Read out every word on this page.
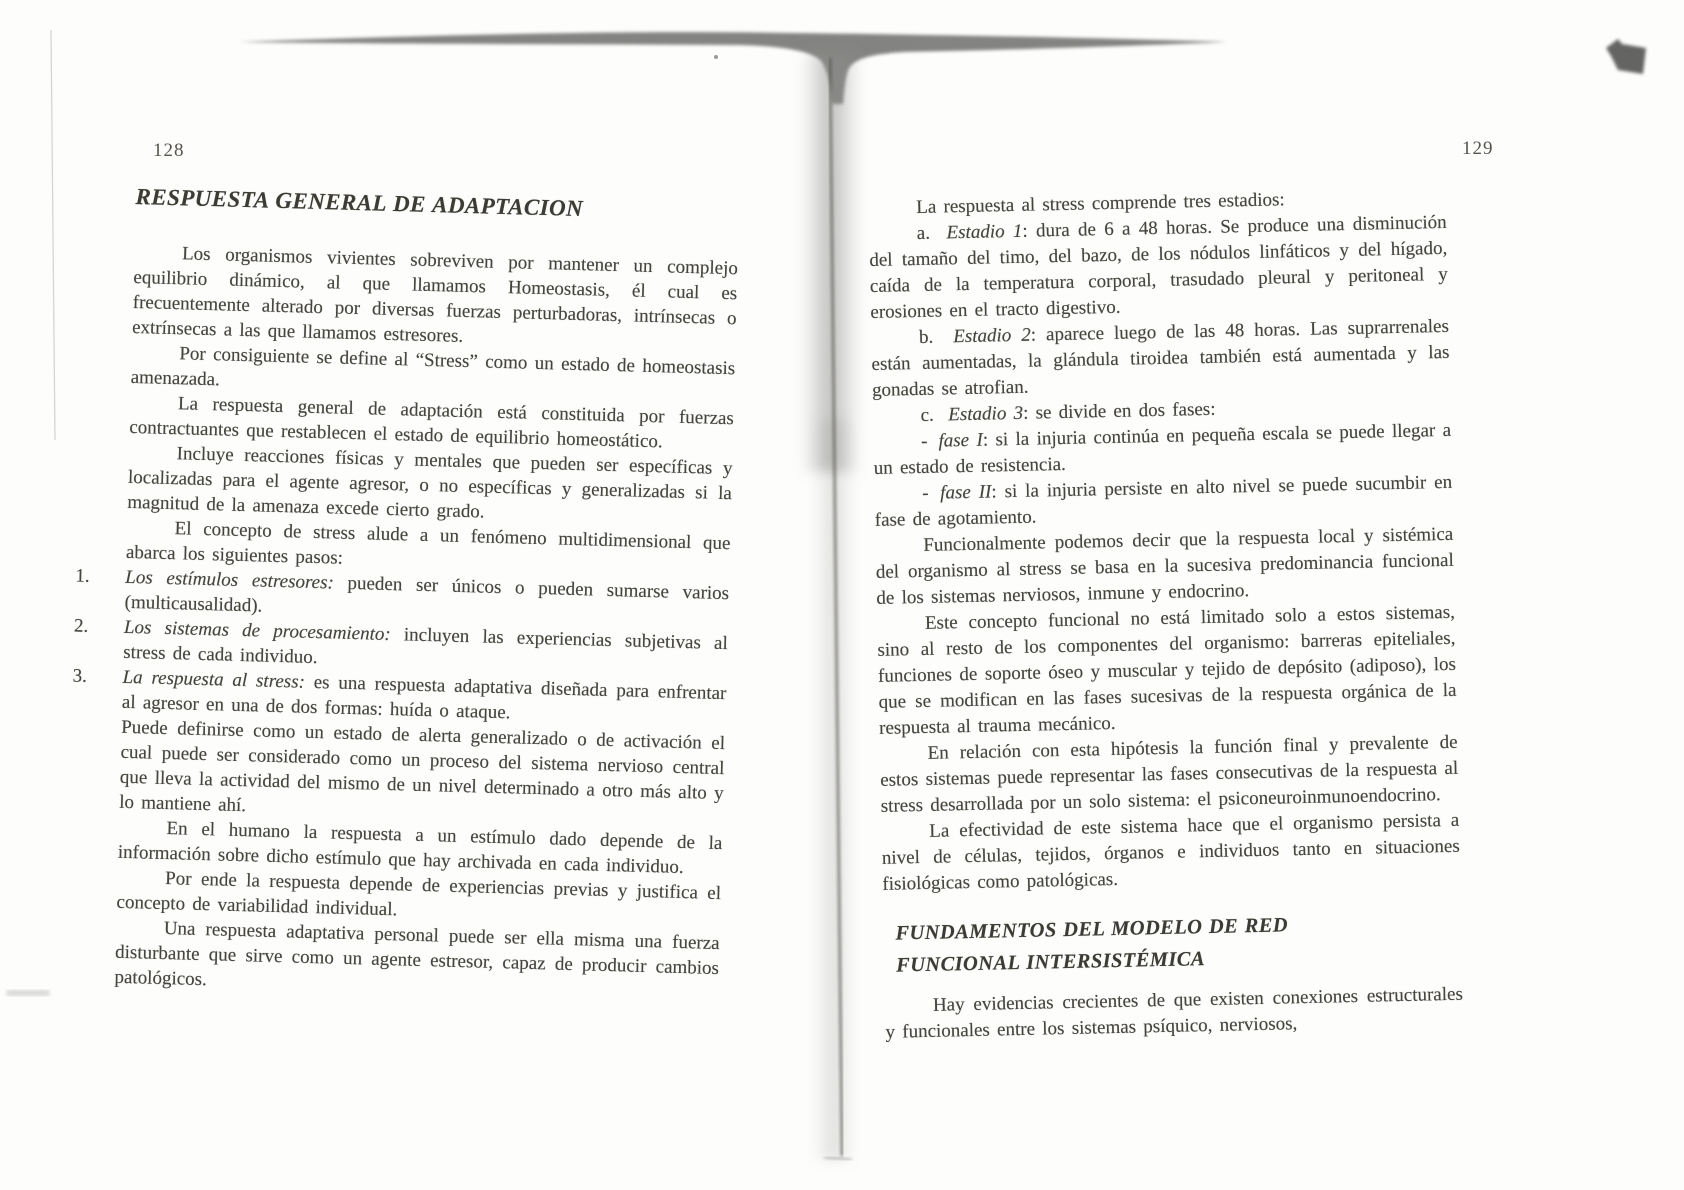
128	129
RESPUESTA GENERAL DE ADAPTACION

Los organismos vivientes sobreviven por mantener un complejo equilibrio dinámico, al que llamamos Homeostasis, él cual es frecuentemente alterado por diversas fuerzas perturbadoras, intrínsecas o extrínsecas a las que llamamos estresores.

Por consiguiente se define al “Stress” como un estado de homeostasis amenazada.

La respuesta general de adaptación está constituida por fuerzas contractuantes que restablecen el estado de equilibrio homeostático.

Incluye reacciones físicas y mentales que pueden ser específicas y localizadas para el agente agresor, o no específicas y generalizadas si la magnitud de la amenaza excede cierto grado.

El concepto de stress alude a un fenómeno multidimensional que abarca los siguientes pasos:

1. Los estímulos estresores: pueden ser únicos o pueden sumarse varios (multicausalidad).

2. Los sistemas de procesamiento: incluyen las experiencias subjetivas al stress de cada individuo.

3. La respuesta al stress: es una respuesta adaptativa diseñada para enfrentar al agresor en una de dos formas: huída o ataque.

Puede definirse como un estado de alerta generalizado o de activación el cual puede ser considerado como un proceso del sistema nervioso central que lleva la actividad del mismo de un nivel determinado a otro más alto y lo mantiene ahí.

En el humano la respuesta a un estímulo dado depende de la información sobre dicho estímulo que hay archivada en cada individuo.

Por ende la respuesta depende de experiencias previas y justifica el concepto de variabilidad individual.

Una respuesta adaptativa personal puede ser ella misma una fuerza disturbante que sirve como un agente estresor, capaz de producir cambios patológicos.

La respuesta al stress comprende tres estadios:

a. Estadio 1: dura de 6 a 48 horas. Se produce una disminución del tamaño del timo, del bazo, de los nódulos linfáticos y del hígado, caída de la temperatura corporal, trasudado pleural y peritoneal y erosiones en el tracto digestivo.

b. Estadio 2: aparece luego de las 48 horas. Las suprarrenales están aumentadas, la glándula tiroidea también está aumentada y las gonadas se atrofian.

c. Estadio 3: se divide en dos fases:

- fase I: si la injuria continúa en pequeña escala se puede llegar a un estado de resistencia.

- fase II: si la injuria persiste en alto nivel se puede sucumbir en fase de agotamiento.

Funcionalmente podemos decir que la respuesta local y sistémica del organismo al stress se basa en la sucesiva predominancia funcional de los sistemas nerviosos, inmune y endocrino.

Este concepto funcional no está limitado solo a estos sistemas, sino al resto de los componentes del organismo: barreras epiteliales, funciones de soporte óseo y muscular y tejido de depósito (adiposo), los que se modifican en las fases sucesivas de la respuesta orgánica de la respuesta al trauma mecánico.

En relación con esta hipótesis la función final y prevalente de estos sistemas puede representar las fases consecutivas de la respuesta al stress desarrollada por un solo sistema: el psiconeuroinmunoendocrino.

La efectividad de este sistema hace que el organismo persista a nivel de células, tejidos, órganos e individuos tanto en situaciones fisiológicas como patológicas.

FUNDAMENTOS DEL MODELO DE RED
FUNCIONAL INTERSISTÉMICA

Hay evidencias crecientes de que existen conexiones estructurales y funcionales entre los sistemas psíquico, nerviosos,
